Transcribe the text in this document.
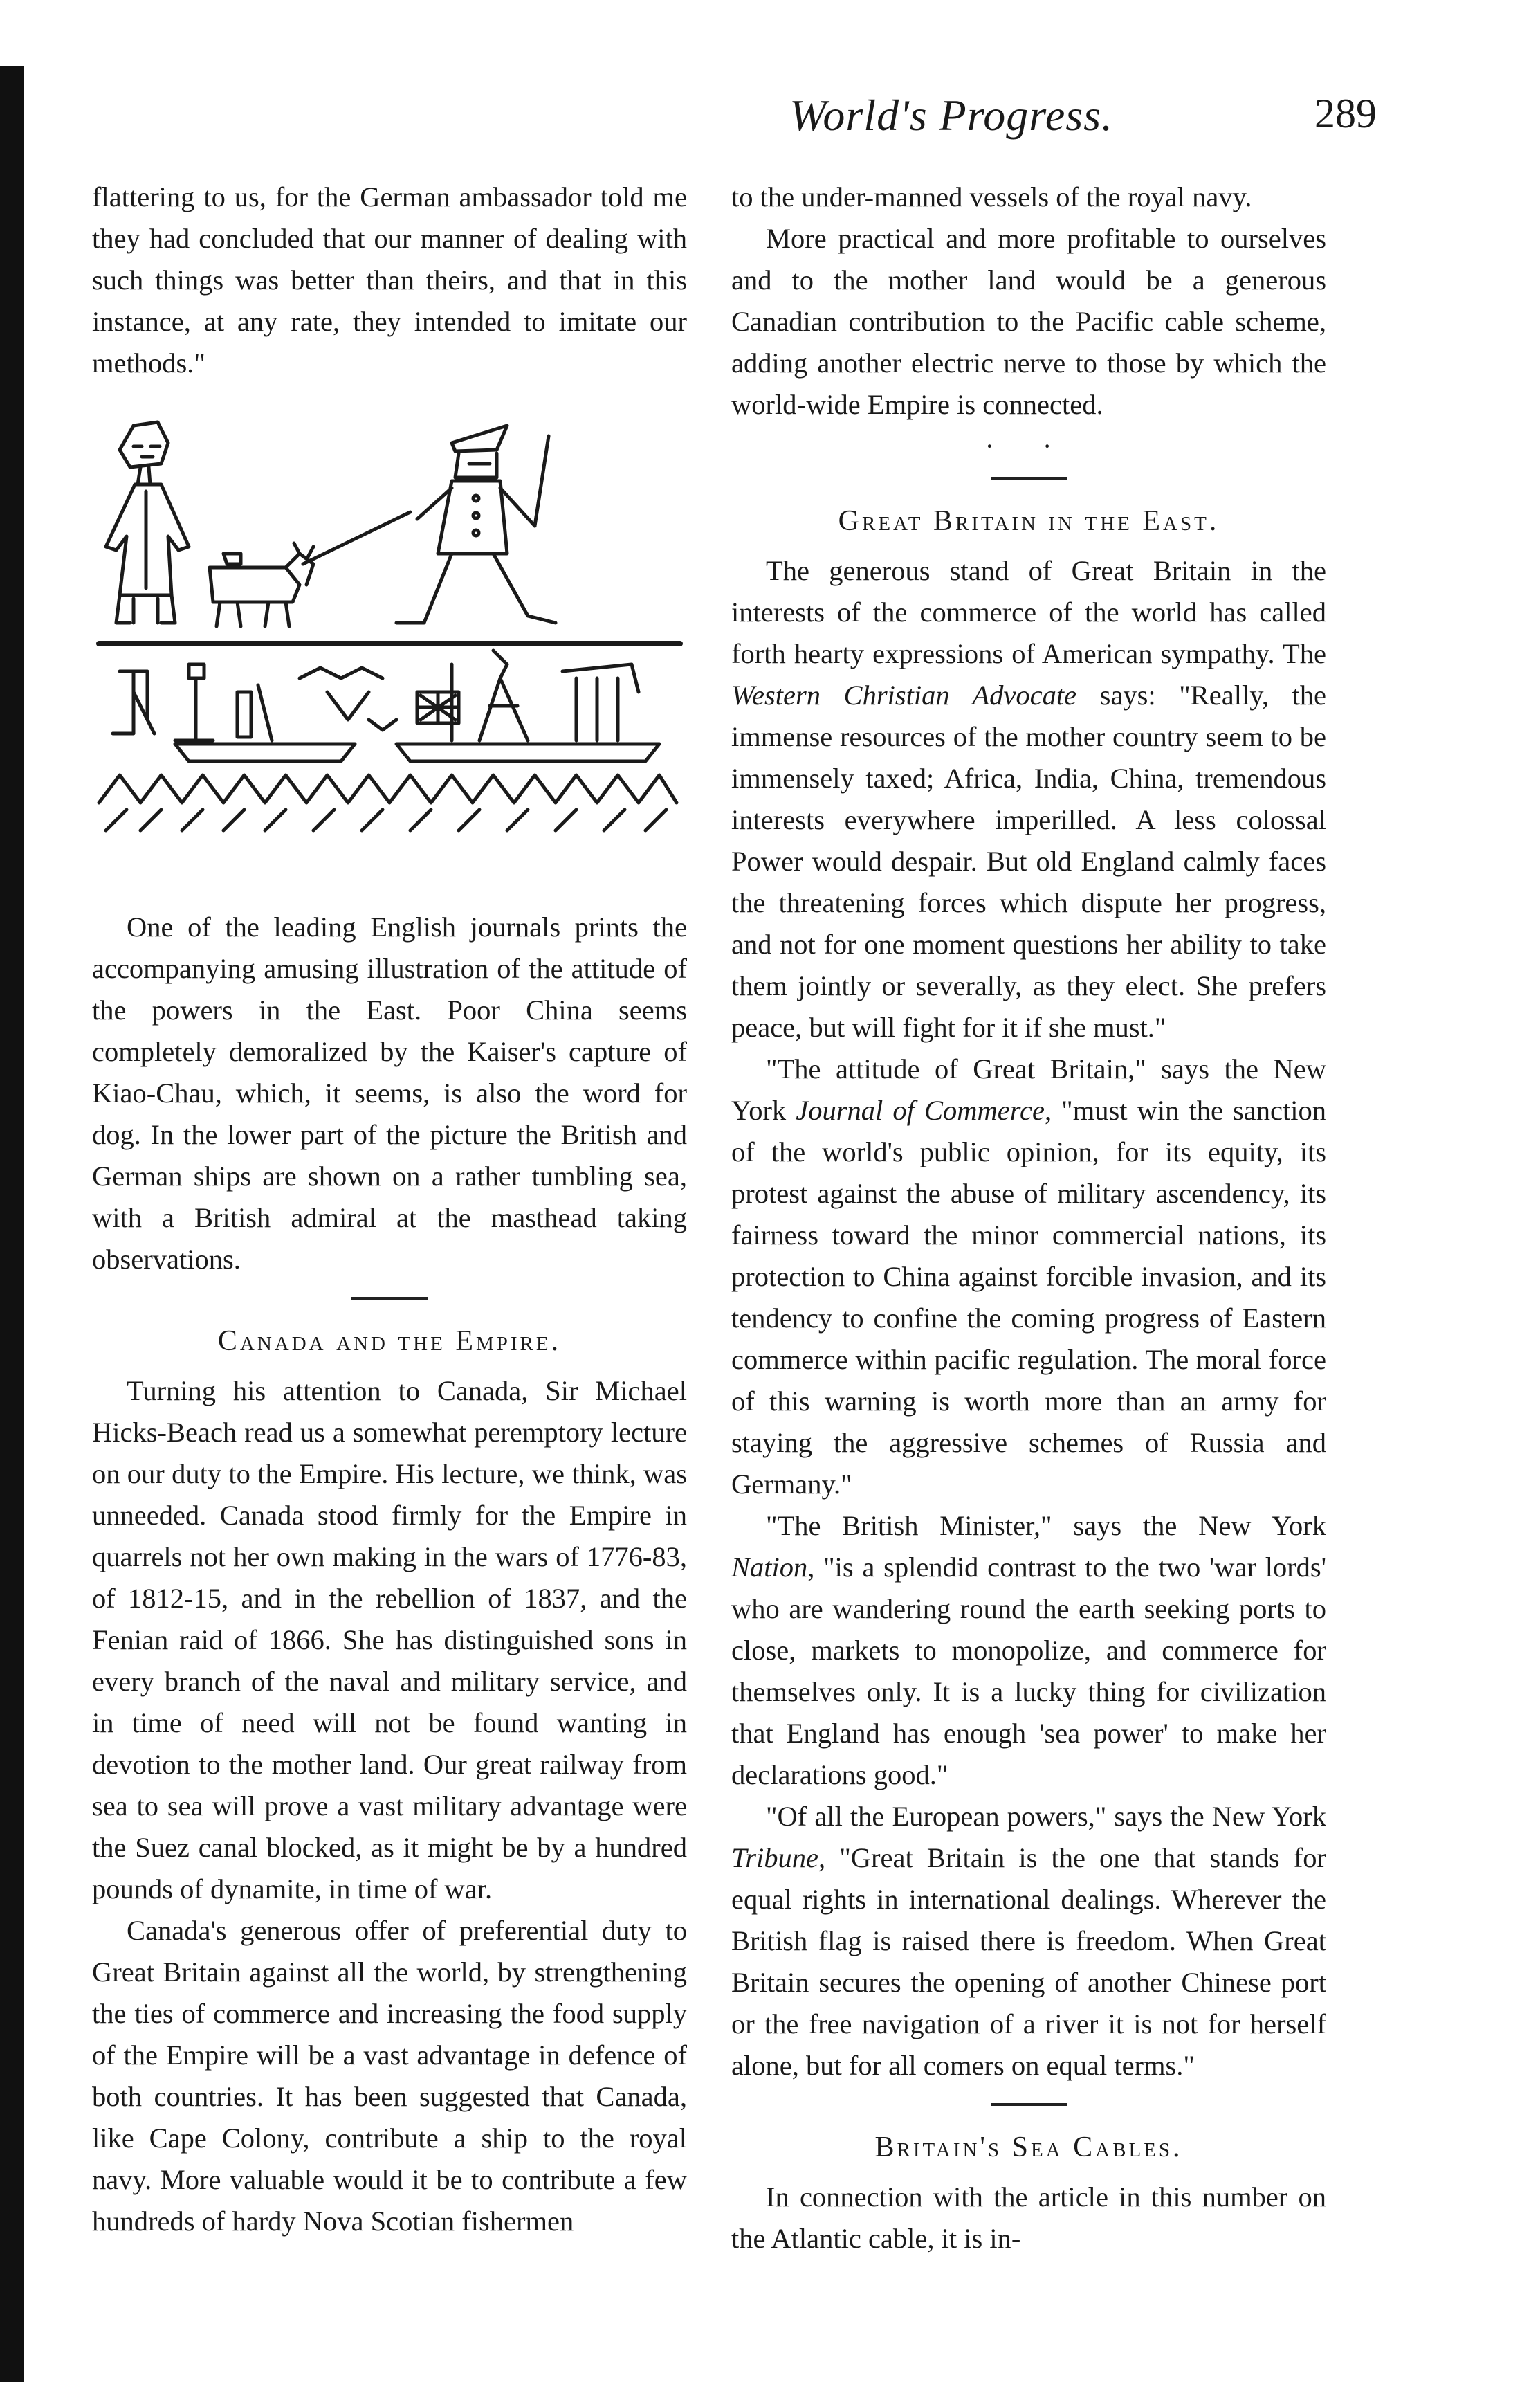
World's Progress.	289

flattering to us, for the German ambassador told me they had concluded that our manner of dealing with such things was better than theirs, and that in this instance, at any rate, they intended to imitate our methods."

One of the leading English journals prints the accompanying amusing illustration of the attitude of the powers in the East. Poor China seems completely demoralized by the Kaiser's capture of Kiao-Chau, which, it seems, is also the word for dog. In the lower part of the picture the British and German ships are shown on a rather tumbling sea, with a British admiral at the masthead taking observations.

Canada and the Empire.

Turning his attention to Canada, Sir Michael Hicks-Beach read us a somewhat peremptory lecture on our duty to the Empire. His lecture, we think, was unneeded. Canada stood firmly for the Empire in quarrels not her own making in the wars of 1776-83, of 1812-15, and in the rebellion of 1837, and the Fenian raid of 1866. She has distinguished sons in every branch of the naval and military service, and in time of need will not be found wanting in devotion to the mother land. Our great railway from sea to sea will prove a vast military advantage were the Suez canal blocked, as it might be by a hundred pounds of dynamite, in time of war.

Canada's generous offer of preferential duty to Great Britain against all the world, by strengthening the ties of commerce and increasing the food supply of the Empire will be a vast advantage in defence of both countries. It has been suggested that Canada, like Cape Colony, contribute a ship to the royal navy. More valuable would it be to contribute a few hundreds of hardy Nova Scotian fishermen

to the under-manned vessels of the royal navy.

More practical and more profitable to ourselves and to the mother land would be a generous Canadian contribution to the Pacific cable scheme, adding another electric nerve to those by which the world-wide Empire is connected.

· ·
Great Britain in the East.

The generous stand of Great Britain in the interests of the commerce of the world has called forth hearty expressions of American sympathy. The Western Christian Advocate says: "Really, the immense resources of the mother country seem to be immensely taxed; Africa, India, China, tremendous interests everywhere imperilled. A less colossal Power would despair. But old England calmly faces the threatening forces which dispute her progress, and not for one moment questions her ability to take them jointly or severally, as they elect. She prefers peace, but will fight for it if she must."

"The attitude of Great Britain," says the New York Journal of Commerce, "must win the sanction of the world's public opinion, for its equity, its protest against the abuse of military ascendency, its fairness toward the minor commercial nations, its protection to China against forcible invasion, and its tendency to confine the coming progress of Eastern commerce within pacific regulation. The moral force of this warning is worth more than an army for staying the aggressive schemes of Russia and Germany."

"The British Minister," says the New York Nation, "is a splendid contrast to the two 'war lords' who are wandering round the earth seeking ports to close, markets to monopolize, and commerce for themselves only. It is a lucky thing for civilization that England has enough 'sea power' to make her declarations good."

"Of all the European powers," says the New York Tribune, "Great Britain is the one that stands for equal rights in international dealings. Wherever the British flag is raised there is freedom. When Great Britain secures the opening of another Chinese port or the free navigation of a river it is not for herself alone, but for all comers on equal terms."

Britain's Sea Cables.

In connection with the article in this number on the Atlantic cable, it is in-
